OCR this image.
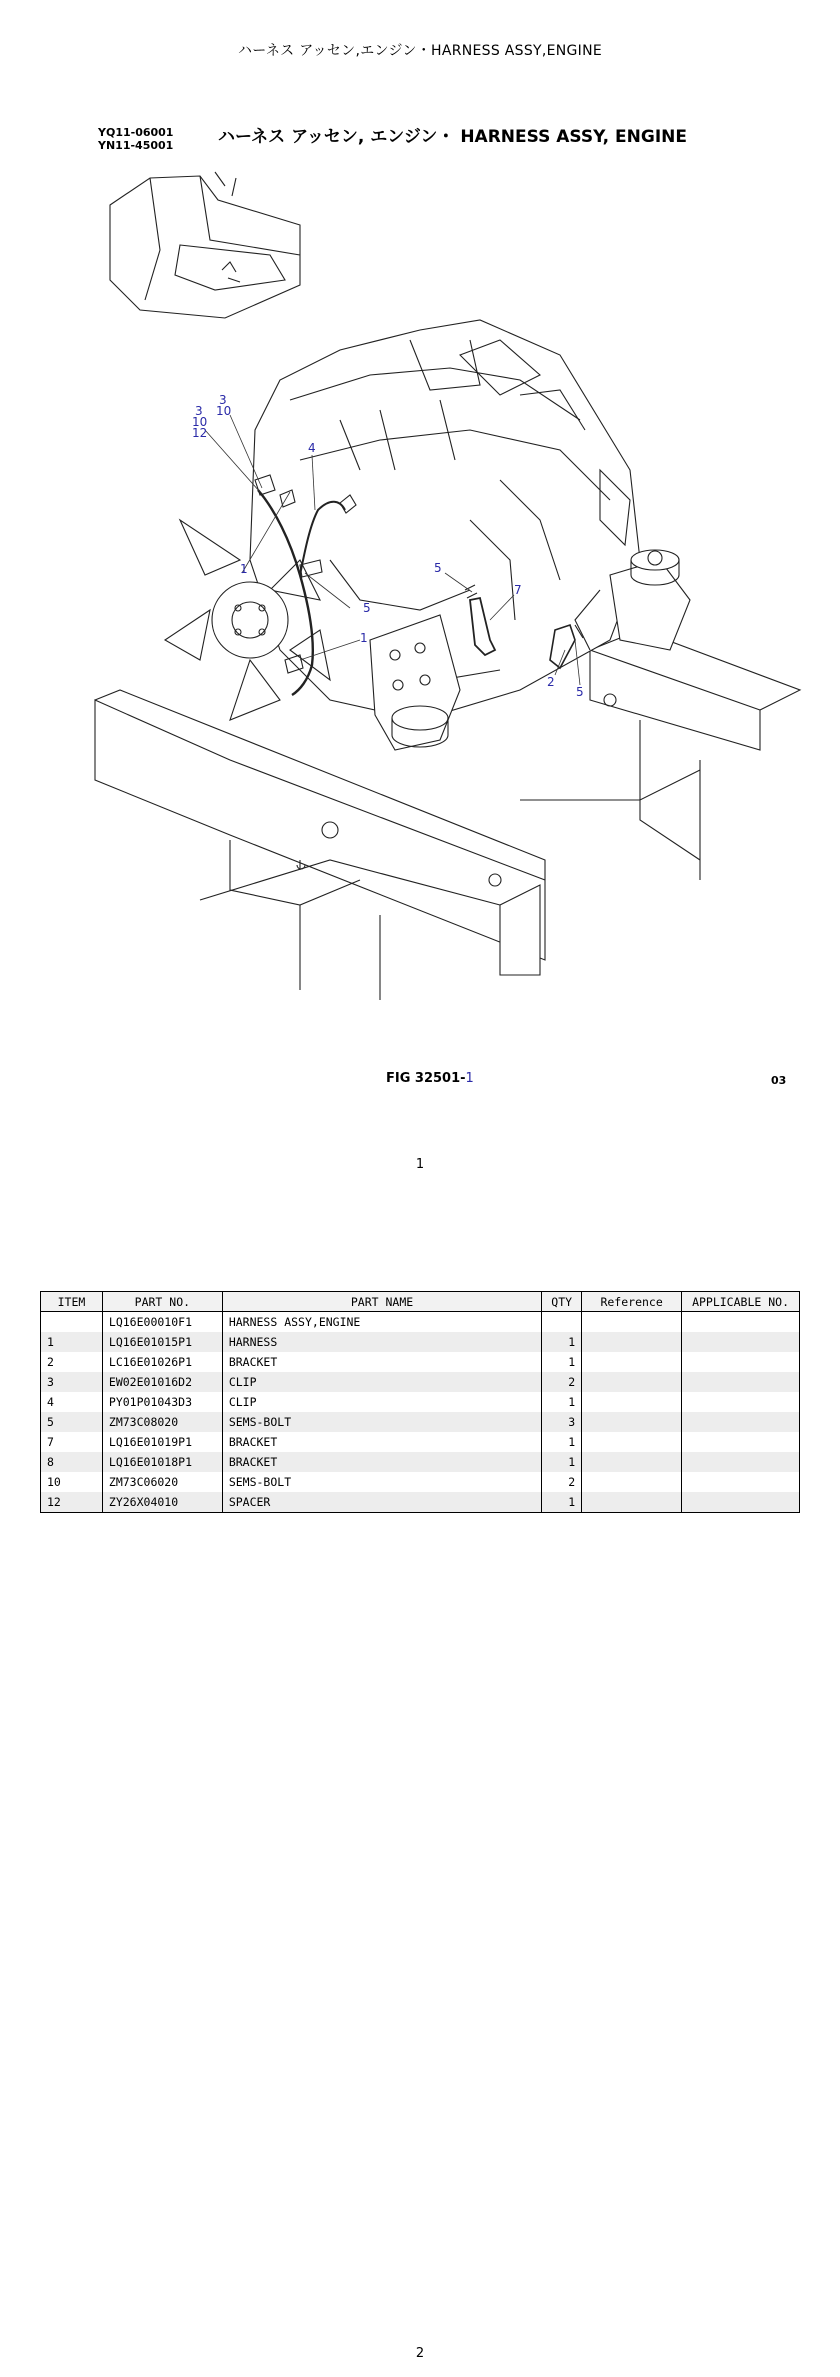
ハーネス アッセン,エンジン・HARNESS ASSY,ENGINE
YQ11-06001
YN11-45001	ハーネス アッセン, エンジン・ HARNESS ASSY, ENGINE
3
10
3
10
12
4
1
5
1
5
7
2
5
FIG 32501-1	03
1
ITEM	PART NO.	PART NAME	QTY	Reference	APPLICABLE NO.
	LQ16E00010F1	HARNESS ASSY,ENGINE			
1	LQ16E01015P1	HARNESS	1		
2	LC16E01026P1	BRACKET	1		
3	EW02E01016D2	CLIP	2		
4	PY01P01043D3	CLIP	1		
5	ZM73C08020	SEMS-BOLT	3		
7	LQ16E01019P1	BRACKET	1		
8	LQ16E01018P1	BRACKET	1		
10	ZM73C06020	SEMS-BOLT	2		
12	ZY26X04010	SPACER	1		
2
